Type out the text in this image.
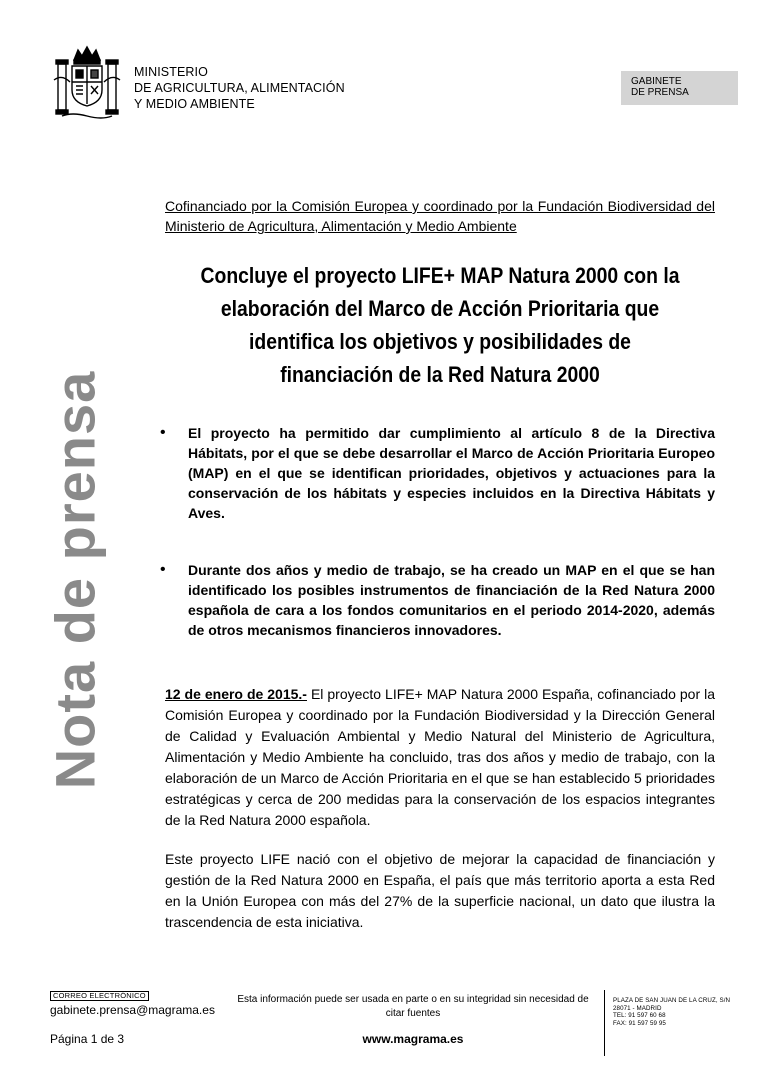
MINISTERIO
DE AGRICULTURA, ALIMENTACIÓN
Y MEDIO AMBIENTE
GABINETE
DE PRENSA
Nota de prensa
Cofinanciado por la Comisión Europea y coordinado por la Fundación Biodiversidad del Ministerio de Agricultura, Alimentación y Medio Ambiente
Concluye el proyecto LIFE+ MAP Natura 2000 con la
elaboración del Marco de Acción Prioritaria que
identifica los objetivos y posibilidades de
financiación de la Red Natura 2000
• El proyecto ha permitido dar cumplimiento al artículo 8 de la Directiva Hábitats, por el que se debe desarrollar el Marco de Acción Prioritaria Europeo (MAP) en el que se identifican prioridades, objetivos y actuaciones para la conservación de los hábitats y especies incluidos en la Directiva Hábitats y Aves.
• Durante dos años y medio de trabajo, se ha creado un MAP en el que se han identificado los posibles instrumentos de financiación de la Red Natura 2000 española de cara a los fondos comunitarios en el periodo 2014-2020, además de otros mecanismos financieros innovadores.
12 de enero de 2015.- El proyecto LIFE+ MAP Natura 2000 España, cofinanciado por la Comisión Europea y coordinado por la Fundación Biodiversidad y la Dirección General de Calidad y Evaluación Ambiental y Medio Natural del Ministerio de Agricultura, Alimentación y Medio Ambiente ha concluido, tras dos años y medio de trabajo, con la elaboración de un Marco de Acción Prioritaria en el que se han establecido 5 prioridades estratégicas y cerca de 200 medidas para la conservación de los espacios integrantes de la Red Natura 2000 española.
Este proyecto LIFE nació con el objetivo de mejorar la capacidad de financiación y gestión de la Red Natura 2000 en España, el país que más territorio aporta a esta Red en la Unión Europea con más del 27% de la superficie nacional, un dato que ilustra la trascendencia de esta iniciativa.
CORREO ELECTRÓNICO
gabinete.prensa@magrama.es
Esta información puede ser usada en parte o en su integridad sin necesidad de citar fuentes
Página 1 de 3	www.magrama.es
PLAZA DE SAN JUAN DE LA CRUZ, S/N
28071 - MADRID
TEL: 91 597 60 68
FAX: 91 597 59 95
